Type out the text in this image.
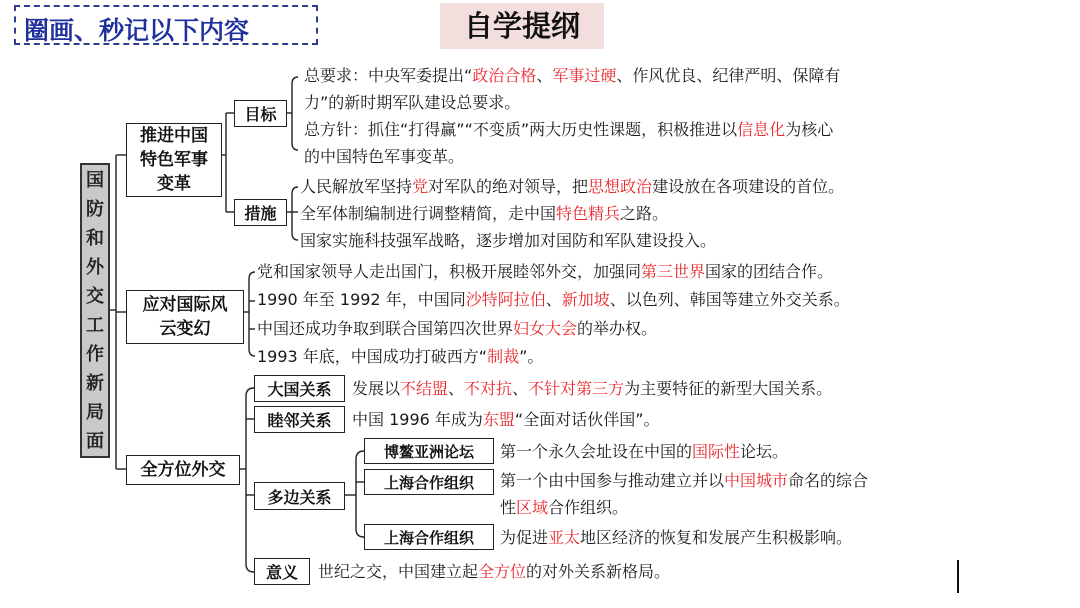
圈画、秒记以下内容	自学提纲
国
防
和
外
交
工
作
新
局
面
推进中国
特色军事
变革
应对国际风
云变幻
全方位外交
目标
措施
大国关系
睦邻关系
多边关系
意义
博鳌亚洲论坛
上海合作组织
上海合作组织
总要求：中央军委提出“政治合格、军事过硬、作风优良、纪律严明、保障有
力”的新时期军队建设总要求。
总方针：抓住“打得赢”“不变质”两大历史性课题，积极推进以信息化为核心
的中国特色军事变革。
人民解放军坚持党对军队的绝对领导，把思想政治建设放在各项建设的首位。
全军体制编制进行调整精简，走中国特色精兵之路。
国家实施科技强军战略，逐步增加对国防和军队建设投入。
党和国家领导人走出国门，积极开展睦邻外交，加强同第三世界国家的团结合作。
1990 年至 1992 年，中国同沙特阿拉伯、新加坡、以色列、韩国等建立外交关系。
中国还成功争取到联合国第四次世界妇女大会的举办权。
1993 年底，中国成功打破西方“制裁”。
发展以不结盟、不对抗、不针对第三方为主要特征的新型大国关系。
中国 1996 年成为东盟“全面对话伙伴国”。
第一个永久会址设在中国的国际性论坛。
第一个由中国参与推动建立并以中国城市命名的综合
性区域合作组织。
为促进亚太地区经济的恢复和发展产生积极影响。
世纪之交，中国建立起全方位的对外关系新格局。
